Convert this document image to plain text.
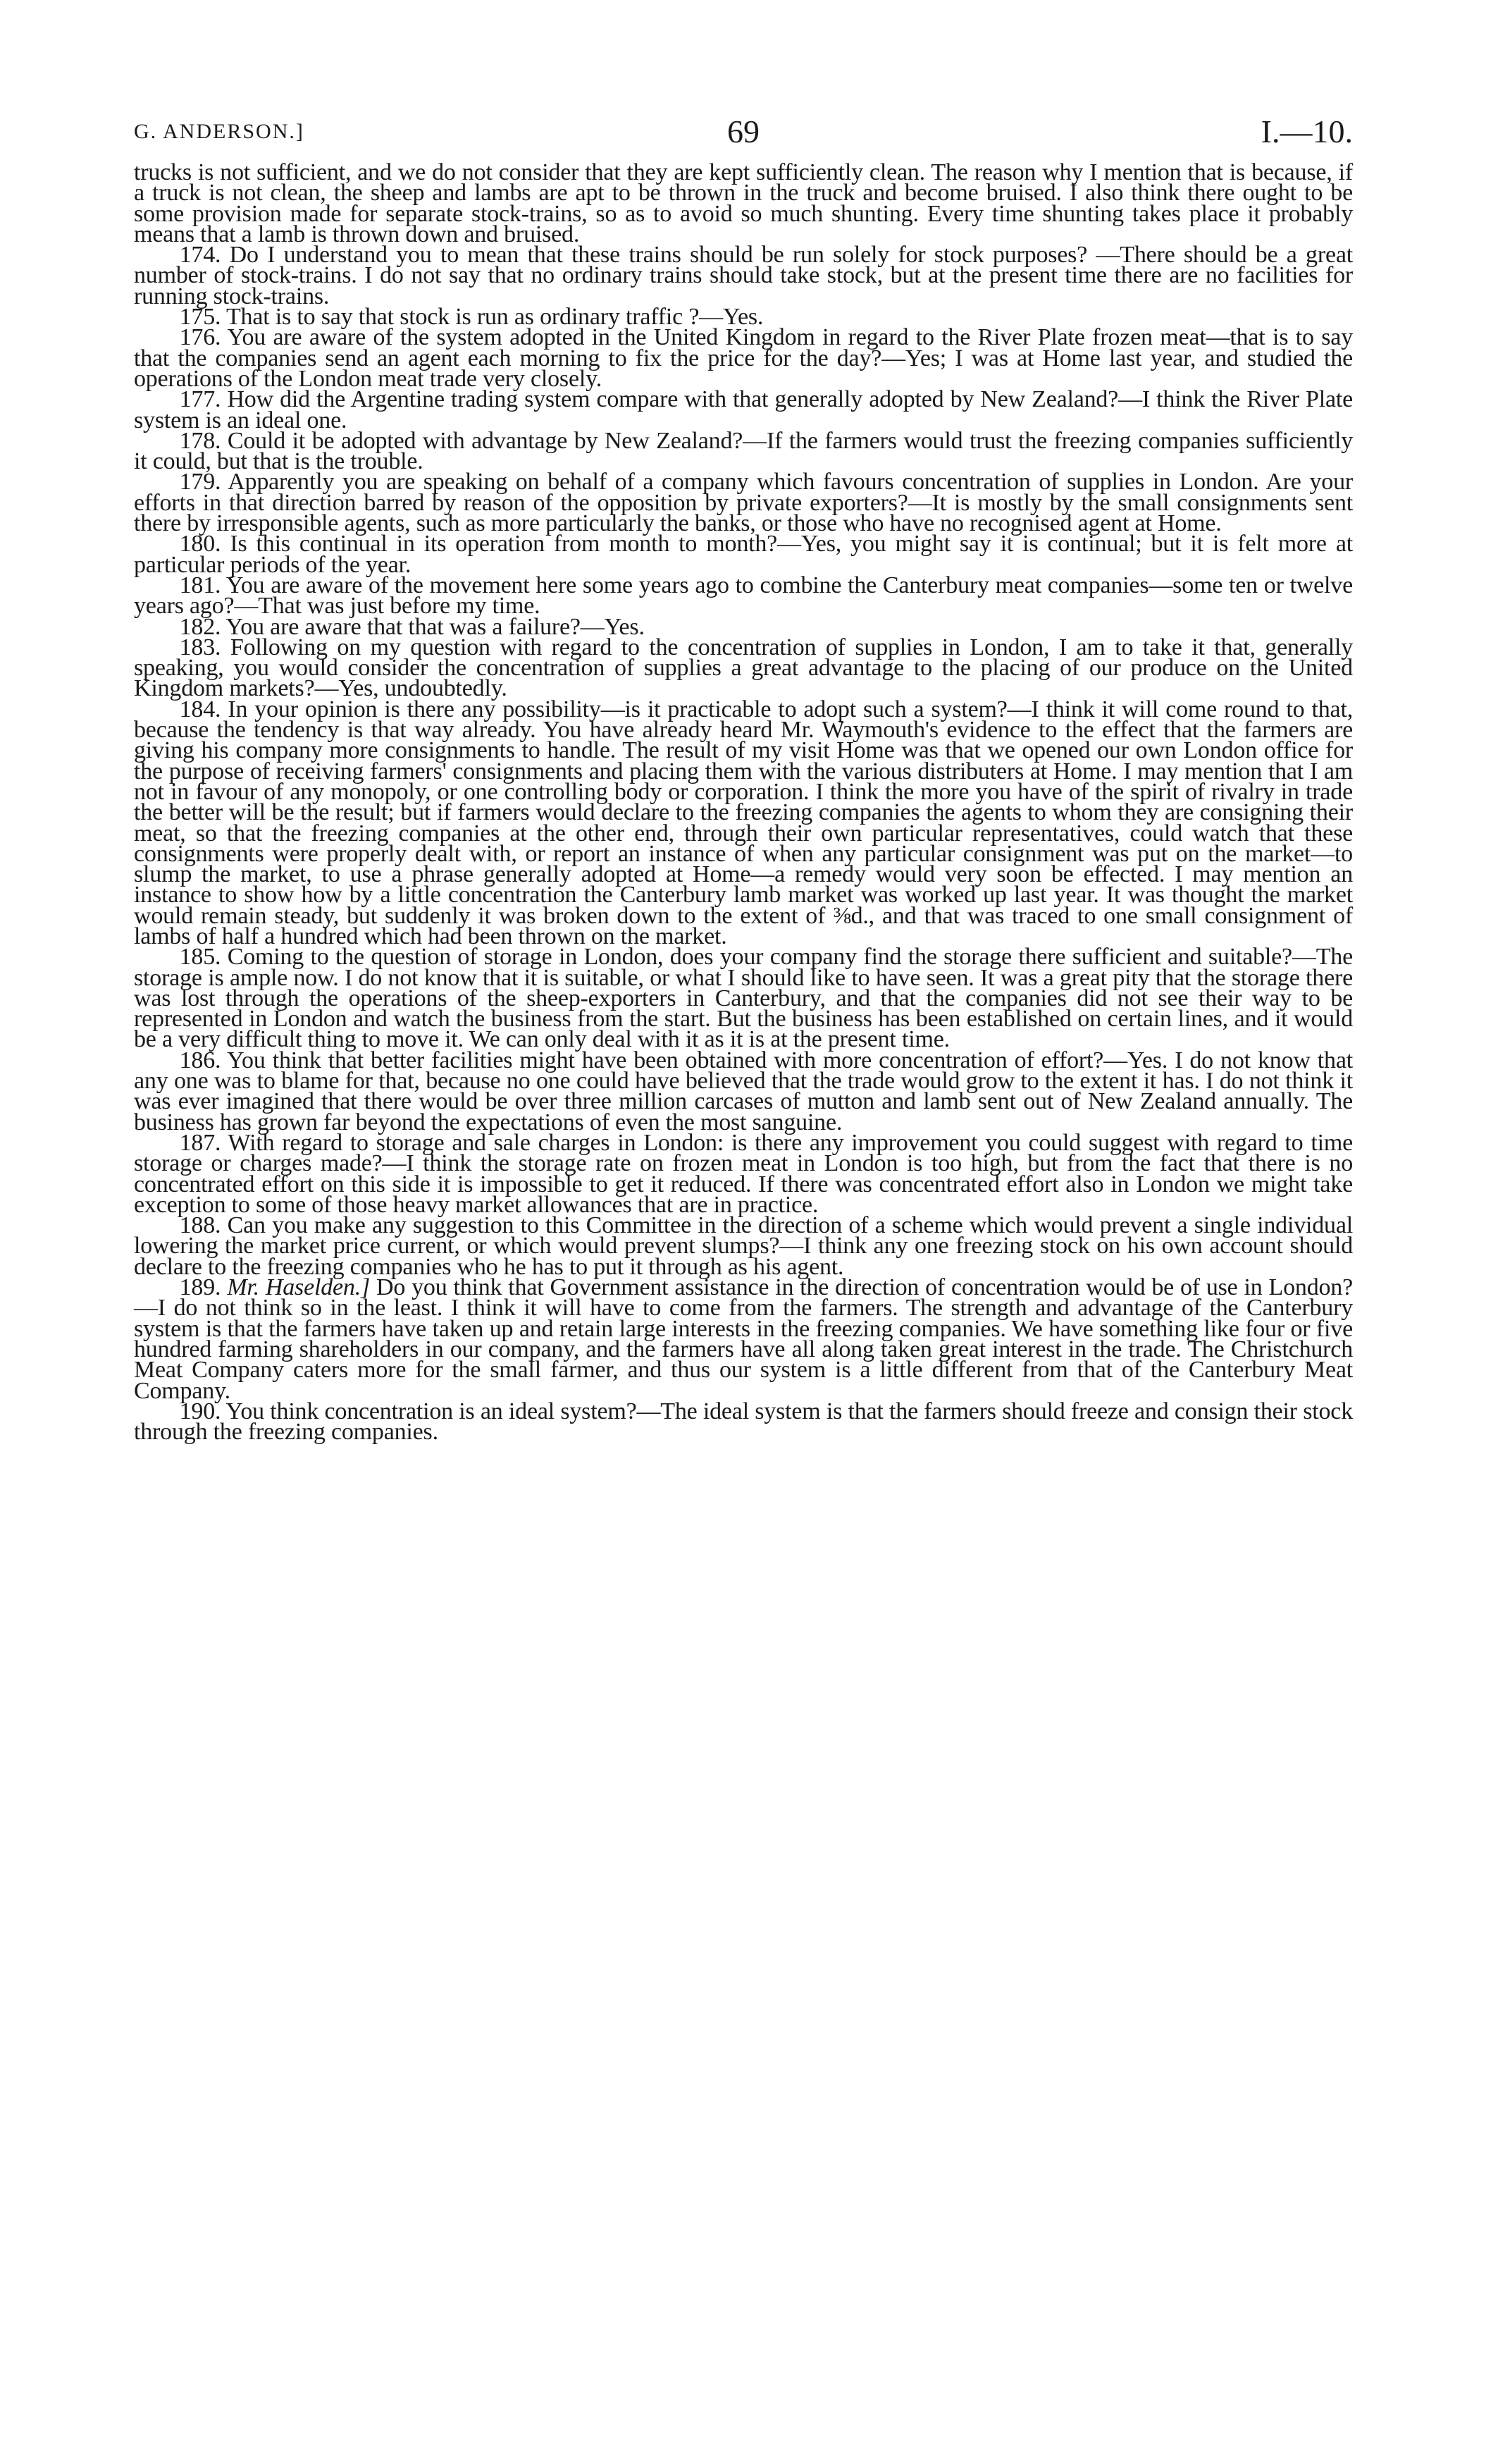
G. ANDERSON.]	69	I.—10.

trucks is not sufficient, and we do not consider that they are kept sufficiently clean. The reason why I mention that is because, if a truck is not clean, the sheep and lambs are apt to be thrown in the truck and become bruised. I also think there ought to be some provision made for separate stock-trains, so as to avoid so much shunting. Every time shunting takes place it probably means that a lamb is thrown down and bruised.

174. Do I understand you to mean that these trains should be run solely for stock purposes? —There should be a great number of stock-trains. I do not say that no ordinary trains should take stock, but at the present time there are no facilities for running stock-trains.

175. That is to say that stock is run as ordinary traffic ?—Yes.

176. You are aware of the system adopted in the United Kingdom in regard to the River Plate frozen meat—that is to say that the companies send an agent each morning to fix the price for the day?—Yes; I was at Home last year, and studied the operations of the London meat trade very closely.

177. How did the Argentine trading system compare with that generally adopted by New Zealand?—I think the River Plate system is an ideal one.

178. Could it be adopted with advantage by New Zealand?—If the farmers would trust the freezing companies sufficiently it could, but that is the trouble.

179. Apparently you are speaking on behalf of a company which favours concentration of supplies in London. Are your efforts in that direction barred by reason of the opposition by private exporters?—It is mostly by the small consignments sent there by irresponsible agents, such as more particularly the banks, or those who have no recognised agent at Home.

180. Is this continual in its operation from month to month?—Yes, you might say it is continual; but it is felt more at particular periods of the year.

181. You are aware of the movement here some years ago to combine the Canterbury meat companies—some ten or twelve years ago?—That was just before my time.

182. You are aware that that was a failure?—Yes.

183. Following on my question with regard to the concentration of supplies in London, I am to take it that, generally speaking, you would consider the concentration of supplies a great advantage to the placing of our produce on the United Kingdom markets?—Yes, undoubtedly.

184. In your opinion is there any possibility—is it practicable to adopt such a system?—I think it will come round to that, because the tendency is that way already. You have already heard Mr. Waymouth's evidence to the effect that the farmers are giving his company more consignments to handle. The result of my visit Home was that we opened our own London office for the purpose of receiving farmers' consignments and placing them with the various distributers at Home. I may mention that I am not in favour of any monopoly, or one controlling body or corporation. I think the more you have of the spirit of rivalry in trade the better will be the result; but if farmers would declare to the freezing companies the agents to whom they are consigning their meat, so that the freezing companies at the other end, through their own particular representatives, could watch that these consignments were properly dealt with, or report an instance of when any particular consignment was put on the market—to slump the market, to use a phrase generally adopted at Home—a remedy would very soon be effected. I may mention an instance to show how by a little concentration the Canterbury lamb market was worked up last year. It was thought the market would remain steady, but suddenly it was broken down to the extent of ⅜d., and that was traced to one small consignment of lambs of half a hundred which had been thrown on the market.

185. Coming to the question of storage in London, does your company find the storage there sufficient and suitable?—The storage is ample now. I do not know that it is suitable, or what I should like to have seen. It was a great pity that the storage there was lost through the operations of the sheep-exporters in Canterbury, and that the companies did not see their way to be represented in London and watch the business from the start. But the business has been established on certain lines, and it would be a very difficult thing to move it. We can only deal with it as it is at the present time.

186. You think that better facilities might have been obtained with more concentration of effort?—Yes. I do not know that any one was to blame for that, because no one could have believed that the trade would grow to the extent it has. I do not think it was ever imagined that there would be over three million carcases of mutton and lamb sent out of New Zealand annually. The business has grown far beyond the expectations of even the most sanguine.

187. With regard to storage and sale charges in London: is there any improvement you could suggest with regard to time storage or charges made?—I think the storage rate on frozen meat in London is too high, but from the fact that there is no concentrated effort on this side it is impossible to get it reduced. If there was concentrated effort also in London we might take exception to some of those heavy market allowances that are in practice.

188. Can you make any suggestion to this Committee in the direction of a scheme which would prevent a single individual lowering the market price current, or which would prevent slumps?—I think any one freezing stock on his own account should declare to the freezing companies who he has to put it through as his agent.

189. Mr. Haselden.] Do you think that Government assistance in the direction of concentration would be of use in London?—I do not think so in the least. I think it will have to come from the farmers. The strength and advantage of the Canterbury system is that the farmers have taken up and retain large interests in the freezing companies. We have something like four or five hundred farming shareholders in our company, and the farmers have all along taken great interest in the trade. The Christchurch Meat Company caters more for the small farmer, and thus our system is a little different from that of the Canterbury Meat Company.

190. You think concentration is an ideal system?—The ideal system is that the farmers should freeze and consign their stock through the freezing companies.
